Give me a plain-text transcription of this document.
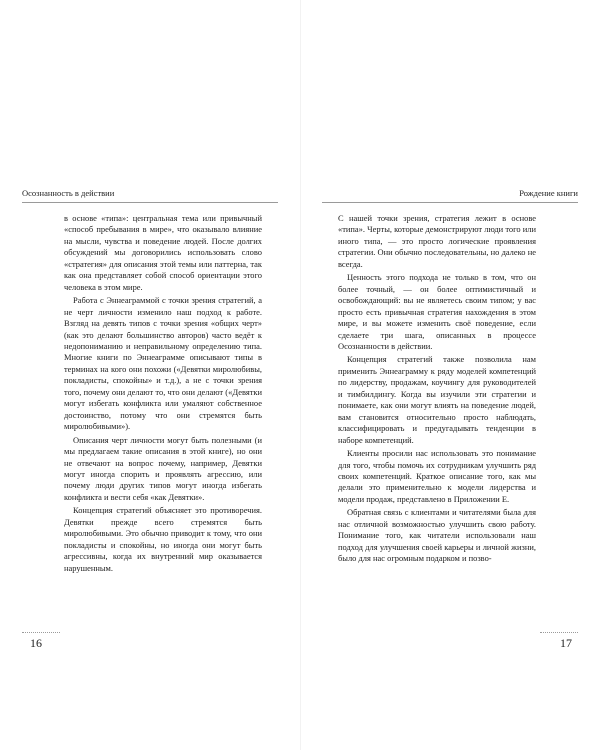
Осознанность в действии

в основе «типа»: центральная тема или привычный «способ пребывания в мире», что оказывало влияние на мысли, чувства и поведение людей. После долгих обсуждений мы договорились использовать слово «стратегия» для описания этой темы или паттерна, так как она представляет собой способ ориентации этого человека в этом мире.

Работа с Эннеаграммой с точки зрения стратегий, а не черт личности изменило наш подход к работе. Взгляд на девять типов с точки зрения «общих черт» (как это делают большинство авторов) часто ведёт к недопониманию и неправильному определению типа. Многие книги по Эннеаграмме описывают типы в терминах на кого они похожи («Девятки миролюбивы, покладисты, спокойны» и т.д.), а не с точки зрения того, почему они делают то, что они делают («Девятки могут избегать конфликта или умаляют собственное достоинство, потому что они стремятся быть миролюбивыми»).

Описания черт личности могут быть полезными (и мы предлагаем такие описания в этой книге), но они не отвечают на вопрос почему, например, Девятки могут иногда спорить и проявлять агрессию, или почему люди других типов могут иногда избегать конфликта и вести себя «как Девятки».

Концепция стратегий объясняет это противоречия. Девятки прежде всего стремятся быть миролюбивыми. Это обычно приводит к тому, что они покладисты и спокойны, но иногда они могут быть агрессивны, когда их внутренний мир оказывается нарушенным.

16
Рождение книги

С нашей точки зрения, стратегия лежит в основе «типа». Черты, которые демонстрируют люди того или иного типа, — это просто логические проявления стратегии. Они обычно последовательны, но далеко не всегда.

Ценность этого подхода не только в том, что он более точный, — он более оптимистичный и освобождающий: вы не являетесь своим типом; у вас просто есть привычная стратегия нахождения в этом мире, и вы можете изменить своё поведение, если сделаете три шага, описанных в процессе Осознанности в действии.

Концепция стратегий также позволила нам применить Эннеаграмму к ряду моделей компетенций по лидерству, продажам, коучингу для руководителей и тимбилдингу. Когда вы изучили эти стратегии и понимаете, как они могут влиять на поведение людей, вам становится относительно просто наблюдать, классифицировать и предугадывать тенденции в наборе компетенций.

Клиенты просили нас использовать это понимание для того, чтобы помочь их сотрудникам улучшить ряд своих компетенций. Краткое описание того, как мы делали это применительно к модели лидерства и модели продаж, представлено в Приложении Е.

Обратная связь с клиентами и читателями была для нас отличной возможностью улучшить свою работу. Понимание того, как читатели использовали наш подход для улучшения своей карьеры и личной жизни, было для нас огромным подарком и позво-

17
